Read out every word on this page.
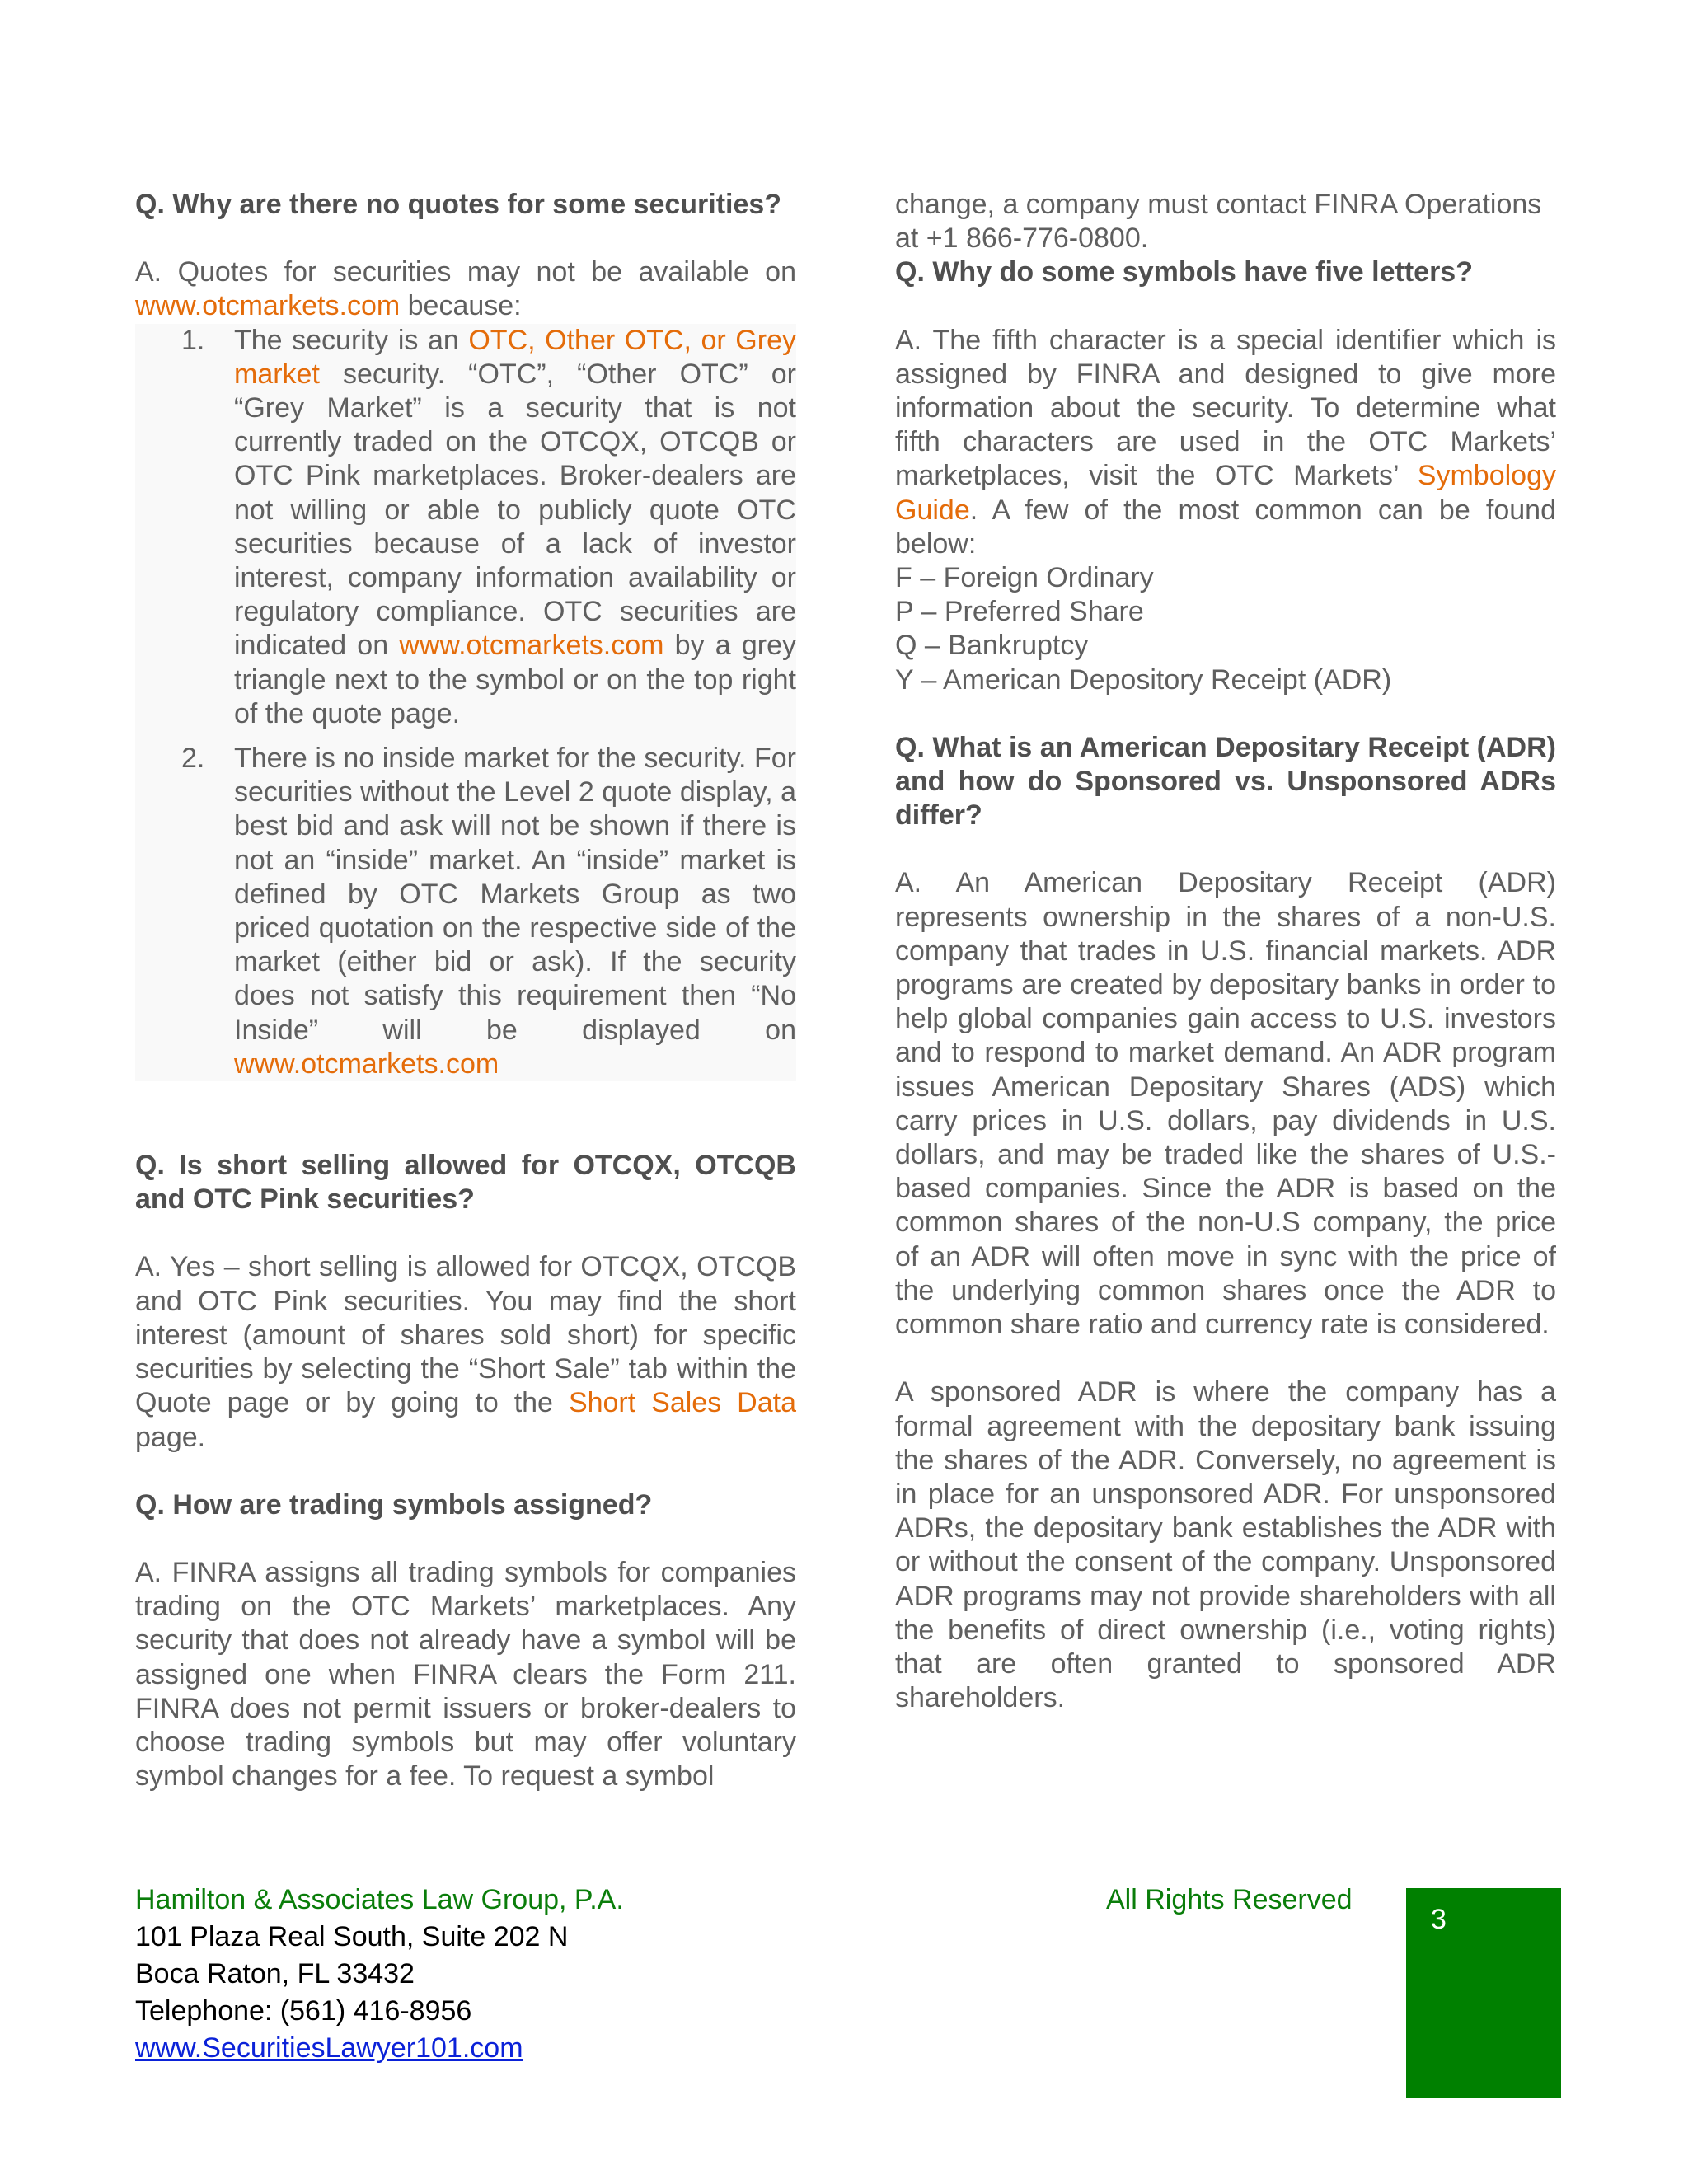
Q. Why are there no quotes for some securities?

A. Quotes for securities may not be available on www.otcmarkets.com because:

1. The security is an OTC, Other OTC, or Grey market security. “OTC”, “Other OTC” or “Grey Market” is a security that is not currently traded on the OTCQX, OTCQB or OTC Pink marketplaces. Broker-dealers are not willing or able to publicly quote OTC securities because of a lack of investor interest, company information availability or regulatory compliance. OTC securities are indicated on www.otcmarkets.com by a grey triangle next to the symbol or on the top right of the quote page.
2. There is no inside market for the security. For securities without the Level 2 quote display, a best bid and ask will not be shown if there is not an “inside” market. An “inside” market is defined by OTC Markets Group as two priced quotation on the respective side of the market (either bid or ask). If the security does not satisfy this requirement then “No Inside” will be displayed on www.otcmarkets.com

Q. Is short selling allowed for OTCQX, OTCQB and OTC Pink securities?

A. Yes – short selling is allowed for OTCQX, OTCQB and OTC Pink securities. You may find the short interest (amount of shares sold short) for specific securities by selecting the “Short Sale” tab within the Quote page or by going to the Short Sales Data page.

Q. How are trading symbols assigned?

A. FINRA assigns all trading symbols for companies trading on the OTC Markets’ marketplaces. Any security that does not already have a symbol will be assigned one when FINRA clears the Form 211. FINRA does not permit issuers or broker-dealers to choose trading symbols but may offer voluntary symbol changes for a fee. To request a symbol

change, a company must contact FINRA Operations at +1 866-776-0800.

Q. Why do some symbols have five letters?

A. The fifth character is a special identifier which is assigned by FINRA and designed to give more information about the security. To determine what fifth characters are used in the OTC Markets’ marketplaces, visit the OTC Markets’ Symbology Guide. A few of the most common can be found below:

F – Foreign Ordinary

P – Preferred Share

Q – Bankruptcy

Y – American Depository Receipt (ADR)

Q. What is an American Depositary Receipt (ADR) and how do Sponsored vs. Unsponsored ADRs differ?

A. An American Depositary Receipt (ADR) represents ownership in the shares of a non-U.S. company that trades in U.S. financial markets. ADR programs are created by depositary banks in order to help global companies gain access to U.S. investors and to respond to market demand. An ADR program issues American Depositary Shares (ADS) which carry prices in U.S. dollars, pay dividends in U.S. dollars, and may be traded like the shares of U.S.-based companies. Since the ADR is based on the common shares of the non-U.S company, the price of an ADR will often move in sync with the price of the underlying common shares once the ADR to common share ratio and currency rate is considered.

A sponsored ADR is where the company has a formal agreement with the depositary bank issuing the shares of the ADR. Conversely, no agreement is in place for an unsponsored ADR. For unsponsored ADRs, the depositary bank establishes the ADR with or without the consent of the company. Unsponsored ADR programs may not provide shareholders with all the benefits of direct ownership (i.e., voting rights) that are often granted to sponsored ADR shareholders.

Hamilton & Associates Law Group, P.A.
101 Plaza Real South, Suite 202 N
Boca Raton, FL 33432
Telephone: (561) 416-8956
www.SecuritiesLawyer101.com
All Rights Reserved
3
